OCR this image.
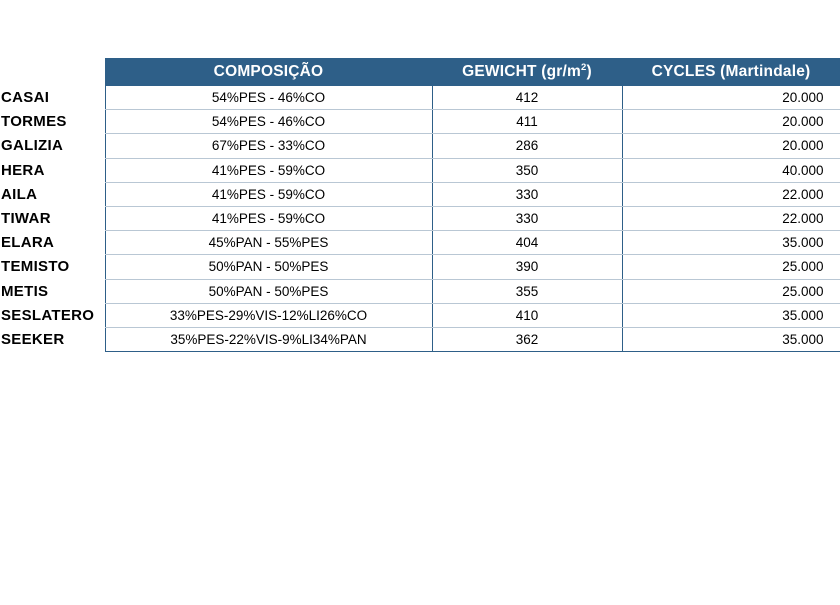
	COMPOSIÇÃO	GEWICHT $(gr/m^2)$	CYCLES (Martindale)
CASAI	54%PES - 46%CO	412	20.000
TORMES	54%PES - 46%CO	411	20.000
GALIZIA	67%PES - 33%CO	286	20.000
HERA	41%PES - 59%CO	350	40.000
AILA	41%PES - 59%CO	330	22.000
TIWAR	41%PES - 59%CO	330	22.000
ELARA	45%PAN - 55%PES	404	35.000
TEMISTO	50%PAN - 50%PES	390	25.000
METIS	50%PAN - 50%PES	355	25.000
SESLATERO	33%PES-29%VIS-12%LI26%CO	410	35.000
SEEKER	35%PES-22%VIS-9%LI34%PAN	362	35.000
